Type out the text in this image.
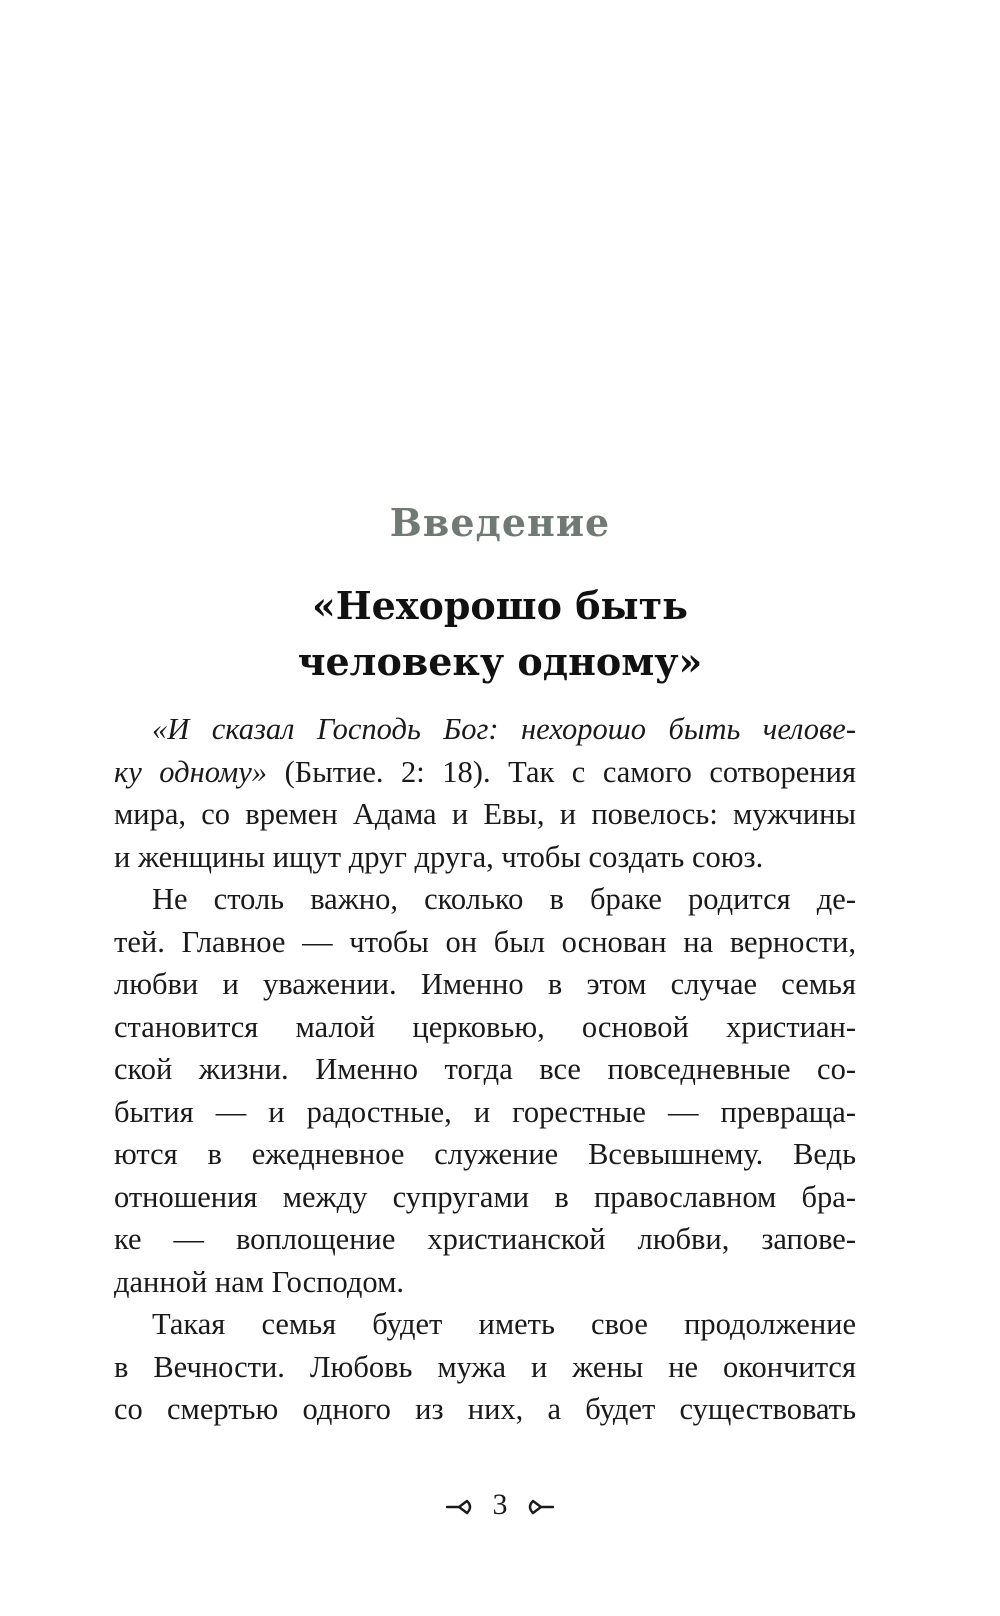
Введение
«Нехорошо быть
человеку одному»
«И сказал Господь Бог: нехорошо быть челове-
ку одному» (Бытие. 2: 18). Так с самого сотворения
мира, со времен Адама и Евы, и повелось: мужчины
и женщины ищут друг друга, чтобы создать союз.
Не столь важно, сколько в браке родится де-
тей. Главное — чтобы он был основан на верности,
любви и уважении. Именно в этом случае семья
становится малой церковью, основой христиан-
ской жизни. Именно тогда все повседневные со-
бытия — и радостные, и горестные — превраща-
ются в ежедневное служение Всевышнему. Ведь
отношения между супругами в православном бра-
ке — воплощение христианской любви, запове-
данной нам Господом.
Такая семья будет иметь свое продолжение
в Вечности. Любовь мужа и жены не окончится
со смертью одного из них, а будет существовать
3
